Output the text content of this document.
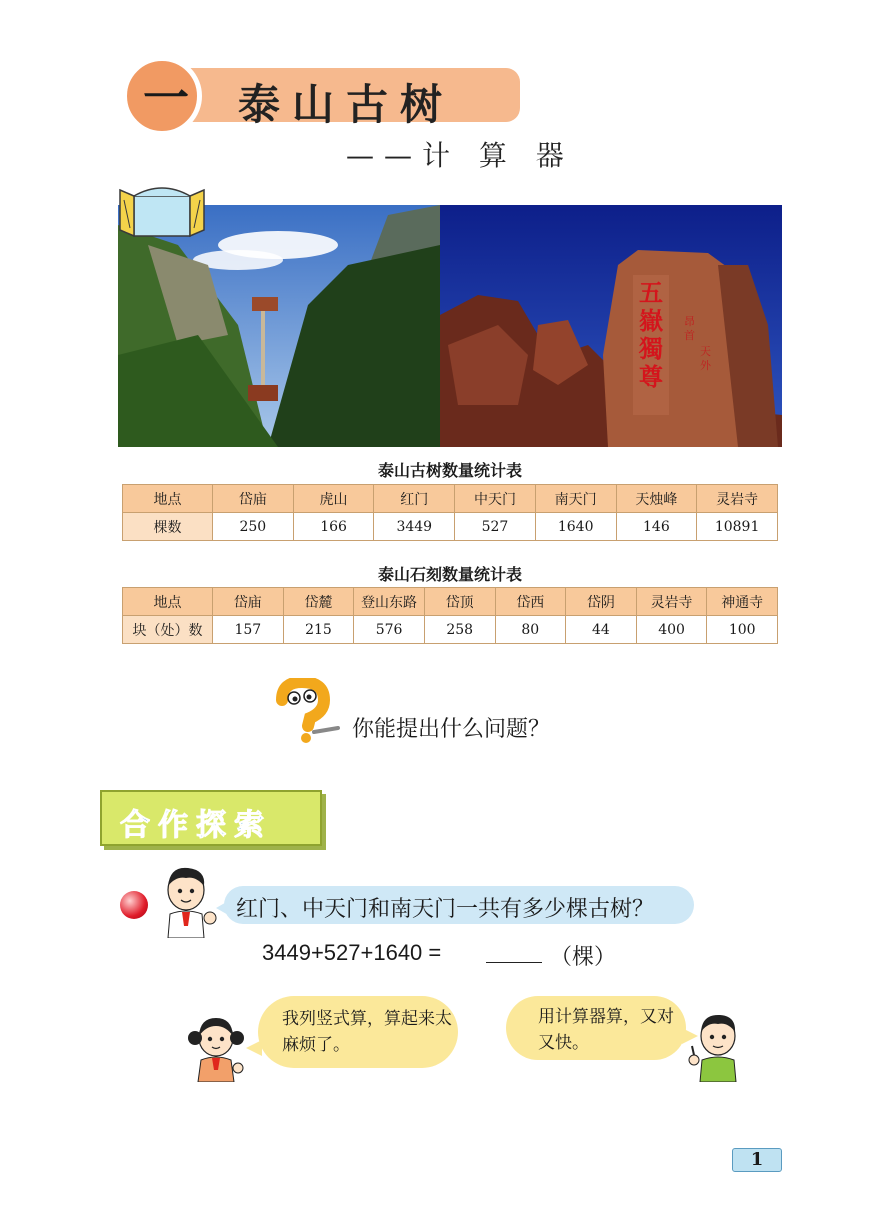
一	泰山古树
——计 算 器
五
嶽
獨
尊
昂
首
天
外
泰山古树数量统计表
地点	岱庙	虎山	红门	中天门	南天门	天烛峰	灵岩寺
棵数	250	166	3449	527	1640	146	10891
泰山石刻数量统计表
地点	岱庙	岱麓	登山东路	岱顶	岱西	岱阴	灵岩寺	神通寺
块（处）数	157	215	576	258	80	44	400	100
你能提出什么问题？
合作探索
红门、中天门和南天门一共有多少棵古树？
3449+527+1640 =	（棵）
我列竖式算，算起来太麻烦了。
用计算器算，又对又快。
1
